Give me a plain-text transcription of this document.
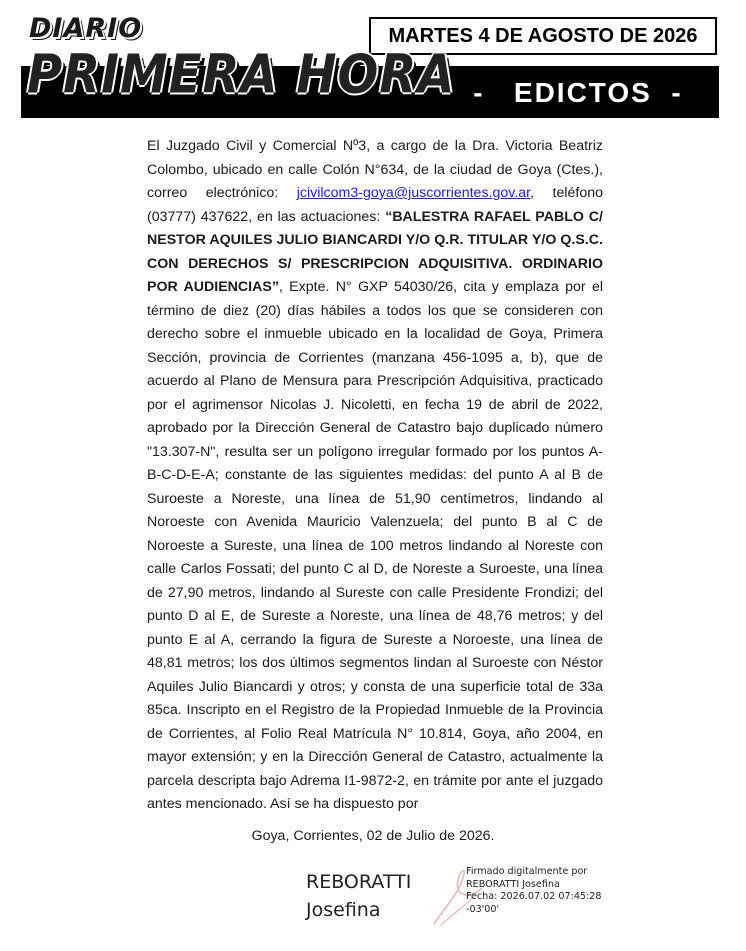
DIARIO
PRIMERA HORA
MARTES 4 DE AGOSTO DE 2026
-   EDICTOS  -

El Juzgado Civil y Comercial Nº3, a cargo de la Dra. Victoria Beatriz Colombo, ubicado en calle Colón N°634, de la ciudad de Goya (Ctes.), correo electrónico: jcivilcom3-goya@juscorrientes.gov.ar, teléfono (03777) 437622, en las actuaciones: “BALESTRA RAFAEL PABLO C/ NESTOR AQUILES JULIO BIANCARDI Y/O Q.R. TITULAR Y/O Q.S.C. CON DERECHOS S/ PRESCRIPCION ADQUISITIVA. ORDINARIO POR AUDIENCIAS”, Expte. N° GXP 54030/26, cita y emplaza por el término de diez (20) días hábiles a todos los que se consideren con derecho sobre el inmueble ubicado en la localidad de Goya, Primera Sección, provincia de Corrientes (manzana 456-1095 a, b), que de acuerdo al Plano de Mensura para Prescripción Adquisitiva, practicado por el agrimensor Nicolas J. Nicoletti, en fecha 19 de abril de 2022, aprobado por la Dirección General de Catastro bajo duplicado número "13.307-N", resulta ser un polígono irregular formado por los puntos A-B-C-D-E-A; constante de las siguientes medidas: del punto A al B de Suroeste a Noreste, una línea de 51,90 centímetros, lindando al Noroeste con Avenida Mauricio Valenzuela; del punto B al C de Noroeste a Sureste, una línea de 100 metros lindando al Noreste con calle Carlos Fossati; del punto C al D, de Noreste a Suroeste, una línea de 27,90 metros, lindando al Sureste con calle Presidente Frondizi; del punto D al E, de Sureste a Noreste, una línea de 48,76 metros; y del punto E al A, cerrando la figura de Sureste a Noroeste, una línea de 48,81 metros; los dos últimos segmentos lindan al Suroeste con Néstor Aquiles Julio Biancardi y otros; y consta de una superficie total de 33a 85ca. Inscripto en el Registro de la Propiedad Inmueble de la Provincia de Corrientes, al Folio Real Matrícula N° 10.814, Goya, año 2004, en mayor extensión; y en la Dirección General de Catastro, actualmente la parcela descripta bajo Adrema I1-9872-2, en trámite por ante el juzgado antes mencionado. Así se ha dispuesto por

Goya, Corrientes, 02 de Julio de 2026.
REBORATTI
Josefina
Firmado digitalmente por
REBORATTI Josefina
Fecha: 2026.07.02 07:45:28
-03'00'
